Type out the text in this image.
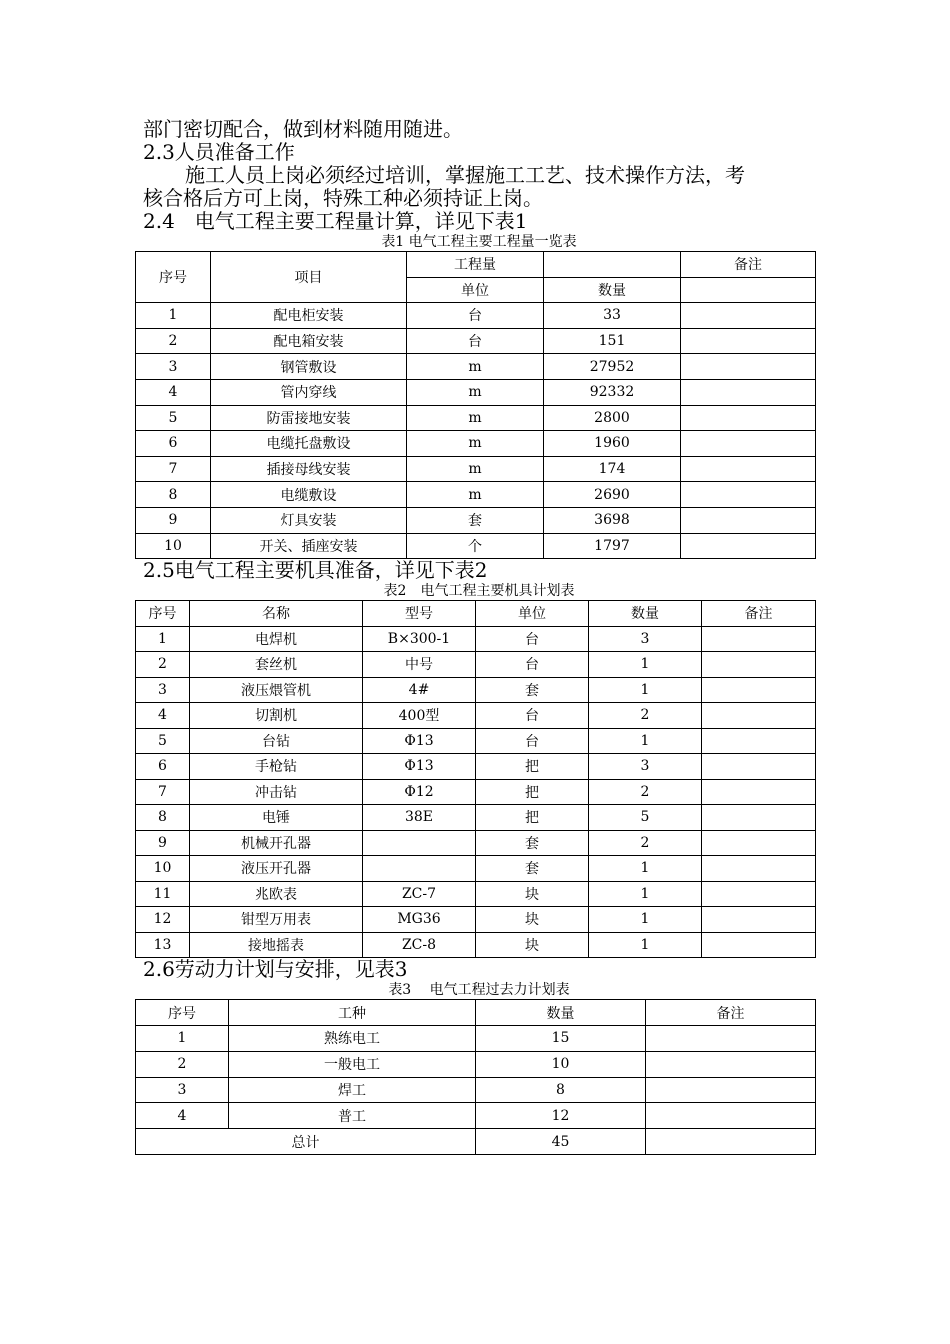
部门密切配合，做到材料随用随进。

2.3人员准备工作

施工人员上岗必须经过培训，掌握施工工艺、技术操作方法，考

核合格后方可上岗，特殊工种必须持证上岗。

2.4　电气工程主要工程量计算，详见下表1

表1 电气工程主要工程量一览表

序号	项目	工程量		备注
		单位	数量	
1	配电柜安装	台	33	
2	配电箱安装	台	151	
3	钢管敷设	m	27952	
4	管内穿线	m	92332	
5	防雷接地安装	m	2800	
6	电缆托盘敷设	m	1960	
7	插接母线安装	m	174	
8	电缆敷设	m	2690	
9	灯具安装	套	3698	
10	开关、插座安装	个	1797	

2.5电气工程主要机具准备，详见下表2

表2　电气工程主要机具计划表

序号	名称	型号	单位	数量	备注
1	电焊机	B×300-1	台	3	
2	套丝机	中号	台	1	
3	液压煨管机	4#	套	1	
4	切割机	400型	台	2	
5	台钻	Φ13	台	1	
6	手枪钻	Φ13	把	3	
7	冲击钻	Φ12	把	2	
8	电锤	38E	把	5	
9	机械开孔器		套	2	
10	液压开孔器		套	1	
11	兆欧表	ZC-7	块	1	
12	钳型万用表	MG36	块	1	
13	接地摇表	ZC-8	块	1	

2.6劳动力计划与安排，见表3

表3　 电气工程过去力计划表

序号	工种	数量	备注
1	熟练电工	15	
2	一般电工	10	
3	焊工	8	
4	普工	12	
总计		45	
